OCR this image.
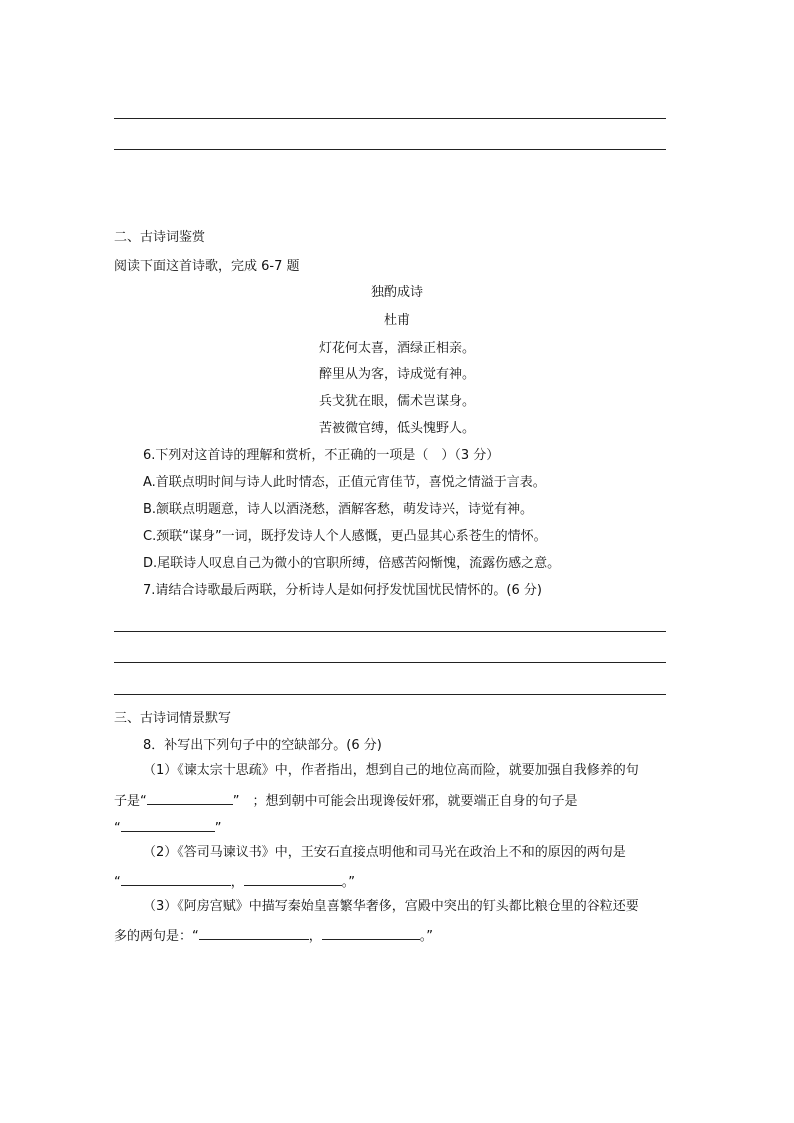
二、古诗词鉴赏
阅读下面这首诗歌，完成 6-7 题
独酌成诗
杜甫
灯花何太喜，酒绿正相亲。
醉里从为客，诗成觉有神。
兵戈犹在眼，儒术岂谋身。
苦被微官缚，低头愧野人。
6.下列对这首诗的理解和赏析，不正确的一项是（　）（3 分）
A.首联点明时间与诗人此时情态，正值元宵佳节，喜悦之情溢于言表。
B.颔联点明题意，诗人以酒浇愁，酒解客愁，萌发诗兴，诗觉有神。
C.颈联“谋身”一词，既抒发诗人个人感慨，更凸显其心系苍生的情怀。
D.尾联诗人叹息自己为微小的官职所缚，倍感苦闷惭愧，流露伤感之意。
7.请结合诗歌最后两联，分析诗人是如何抒发忧国忧民情怀的。(6 分)
三、古诗词情景默写
8．补写出下列句子中的空缺部分。(6 分)
（1）《谏太宗十思疏》中，作者指出，想到自己的地位高而险，就要加强自我修养的句
子是“	”　；想到朝中可能会出现谗佞奸邪，就要端正自身的句子是
“	”
（2）《答司马谏议书》中，王安石直接点明他和司马光在政治上不和的原因的两句是
“	，	。”
（3）《阿房宫赋》中描写秦始皇喜繁华奢侈，宫殿中突出的钉头都比粮仓里的谷粒还要
多的两句是：“	，	。”
